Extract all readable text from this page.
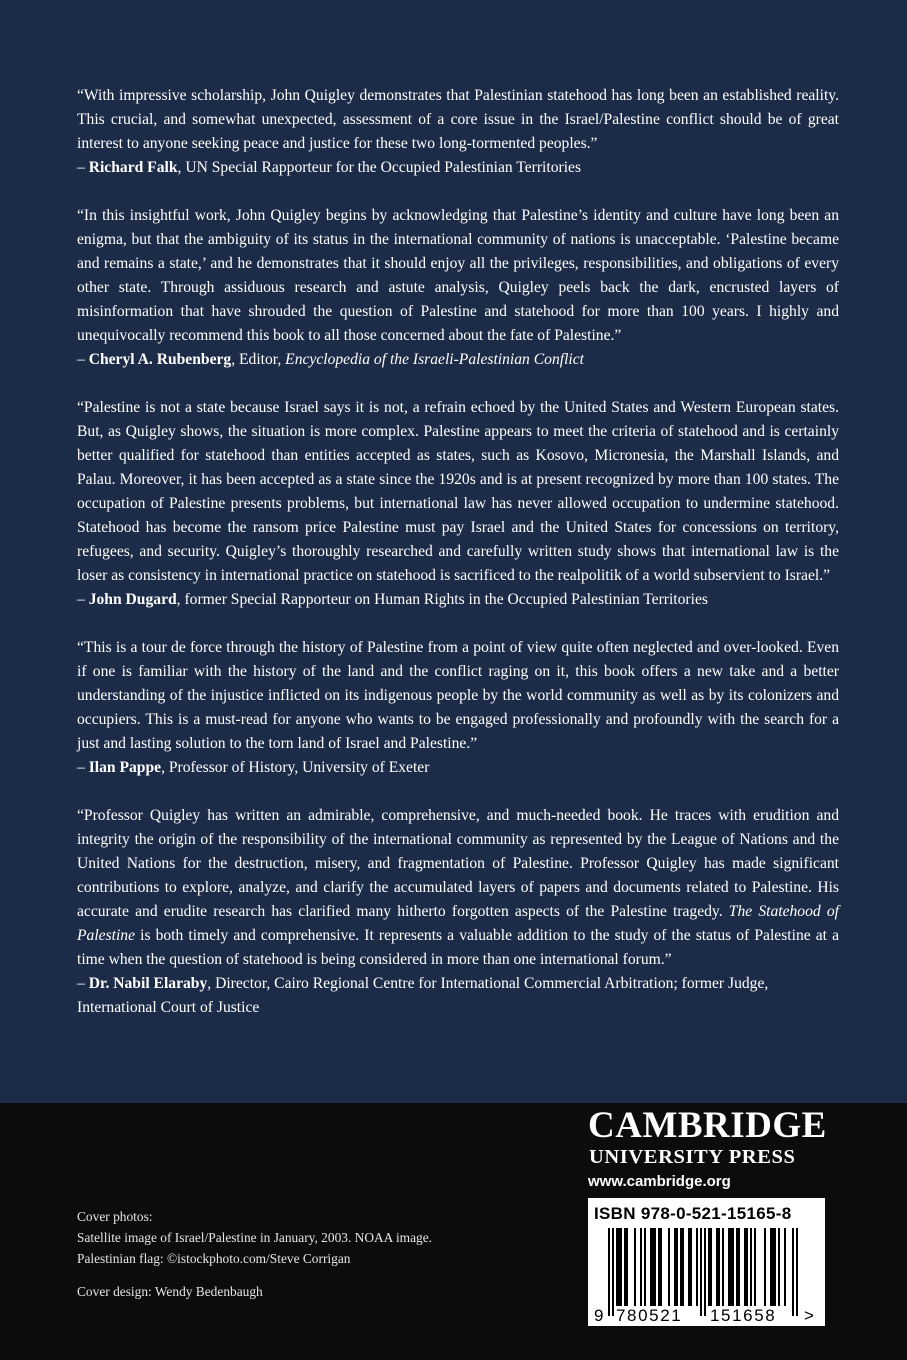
“With impressive scholarship, John Quigley demonstrates that Palestinian statehood has long been an established reality. This crucial, and somewhat unexpected, assessment of a core issue in the Israel/Palestine conflict should be of great interest to anyone seeking peace and justice for these two long-tormented peoples.”

– Richard Falk, UN Special Rapporteur for the Occupied Palestinian Territories

“In this insightful work, John Quigley begins by acknowledging that Palestine’s identity and culture have long been an enigma, but that the ambiguity of its status in the international community of nations is unacceptable. ‘Palestine became and remains a state,’ and he demonstrates that it should enjoy all the privileges, responsibilities, and obligations of every other state. Through assiduous research and astute analysis, Quigley peels back the dark, encrusted layers of misinformation that have shrouded the question of Palestine and statehood for more than 100 years. I highly and unequivocally recommend this book to all those concerned about the fate of Palestine.”

– Cheryl A. Rubenberg, Editor, Encyclopedia of the Israeli-Palestinian Conflict

“Palestine is not a state because Israel says it is not, a refrain echoed by the United States and Western European states. But, as Quigley shows, the situation is more complex. Palestine appears to meet the criteria of statehood and is certainly better qualified for statehood than entities accepted as states, such as Kosovo, Micronesia, the Marshall Islands, and Palau. Moreover, it has been accepted as a state since the 1920s and is at present recognized by more than 100 states. The occupation of Palestine presents problems, but international law has never allowed occupation to undermine statehood. Statehood has become the ransom price Palestine must pay Israel and the United States for concessions on territory, refugees, and security. Quigley’s thoroughly researched and carefully written study shows that international law is the loser as consistency in international practice on statehood is sacrificed to the realpolitik of a world subservient to Israel.”

– John Dugard, former Special Rapporteur on Human Rights in the Occupied Palestinian Territories

“This is a tour de force through the history of Palestine from a point of view quite often neglected and over-looked. Even if one is familiar with the history of the land and the conflict raging on it, this book offers a new take and a better understanding of the injustice inflicted on its indigenous people by the world community as well as by its colonizers and occupiers. This is a must-read for anyone who wants to be engaged professionally and profoundly with the search for a just and lasting solution to the torn land of Israel and Palestine.”

– Ilan Pappe, Professor of History, University of Exeter

“Professor Quigley has written an admirable, comprehensive, and much-needed book. He traces with erudition and integrity the origin of the responsibility of the international community as represented by the League of Nations and the United Nations for the destruction, misery, and fragmentation of Palestine. Professor Quigley has made significant contributions to explore, analyze, and clarify the accumulated layers of papers and documents related to Palestine. His accurate and erudite research has clarified many hitherto forgotten aspects of the Palestine tragedy. The Statehood of Palestine is both timely and comprehensive. It represents a valuable addition to the study of the status of Palestine at a time when the question of statehood is being considered in more than one international forum.”

– Dr. Nabil Elaraby, Director, Cairo Regional Centre for International Commercial Arbitration; former Judge, International Court of Justice
Cover photos:
Satellite image of Israel/Palestine in January, 2003. NOAA image.
Palestinian flag: ©istockphoto.com/Steve Corrigan
Cover design: Wendy Bedenbaugh
CAMBRIDGE
UNIVERSITY PRESS
www.cambridge.org
ISBN 978-0-521-15165-8
9 780521 151658 >
